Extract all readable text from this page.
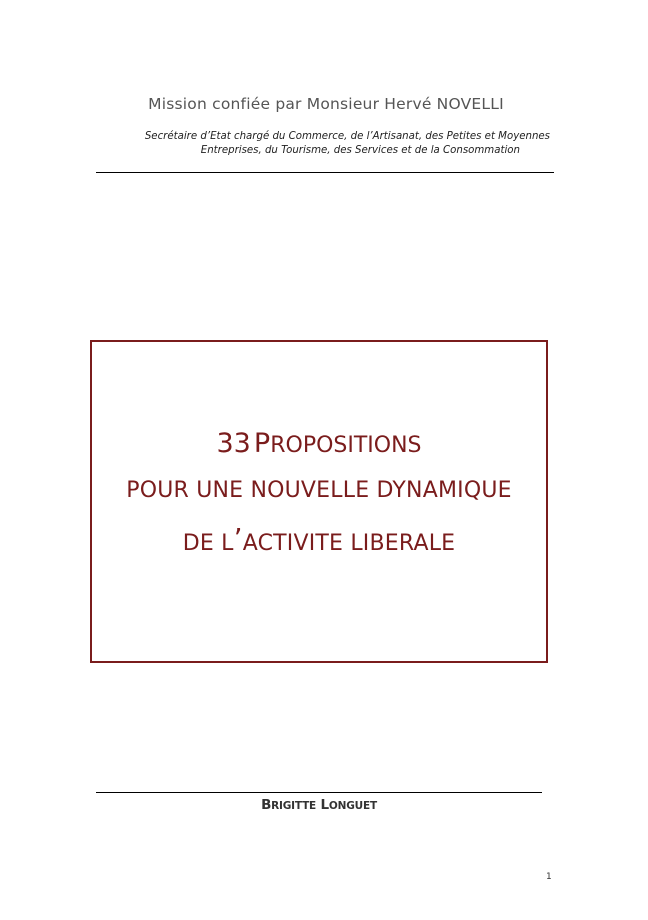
Mission confiée par Monsieur Hervé NOVELLI
Secrétaire d’Etat chargé du Commerce, de l’Artisanat, des Petites et Moyennes
Entreprises, du Tourisme, des Services et de la Consommation
33 PROPOSITIONS
POUR UNE NOUVELLE DYNAMIQUE
DE L’ACTIVITE LIBERALE
BRIGITTE LONGUET
1
